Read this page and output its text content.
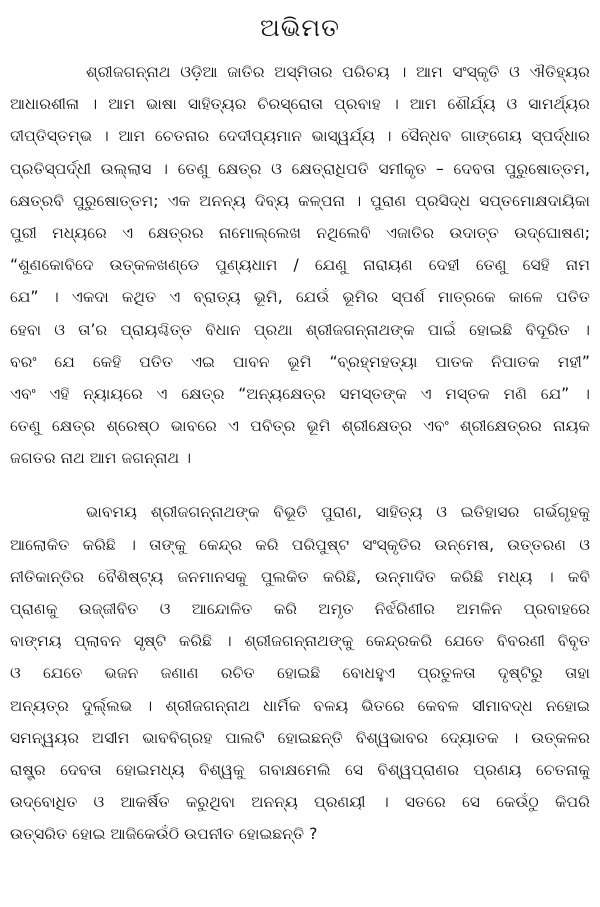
ଅଭିମତ
ଶ୍ରୀଜଗନ୍ନାଥ ଓଡ଼ିଆ ଜାତିର ଅସ୍ମିତାର ପରିଚୟ । ଆମ ସଂସ୍କୃତି ଓ ଐତିହ୍ୟର
ଆଧାରଶୀଳା । ଆମ ଭାଷା ସାହିତ୍ୟର ଚିରସ୍ରୋତା ପ୍ରବାହ । ଆମ ଶୌର୍ଯ୍ୟ ଓ ସାମର୍ଥ୍ୟର
ଦୀପ୍ତିସ୍ତମ୍ଭ । ଆମ ଚେତନାର ଦେଦୀପ୍ୟମାନ ଭାସ୍ୱର୍ଯ୍ୟ । ସୈନ୍ଧବ ଗାଙ୍ଗେୟ ସ୍ପର୍ଦ୍ଧାର
ପ୍ରତିସ୍ପର୍ଦ୍ଧୀ ଉଲ୍ଲାସ । ତେଣୁ କ୍ଷେତ୍ର ଓ କ୍ଷେତ୍ରାଧିପତି ସମୀକୃତ – ଦେବତା ପୁରୁଷୋତ୍ତମ,
କ୍ଷେତ୍ରବି ପୁରୁଷୋତ୍ତମ; ଏକ ଅନନ୍ୟ ଦିବ୍ୟ କଳ୍ପନା । ପୁରାଣ ପ୍ରସିଦ୍ଧ ସପ୍ତମୋକ୍ଷଦାୟିକା
ପୁରୀ ମଧ୍ୟରେ ଏ କ୍ଷେତ୍ରର ନାମୋଲ୍ଲେଖ ନଥିଲେବି ଏଜାତିର ଉଦାତ୍ତ ଉଦ୍‌ଘୋଷଣ;
“ଶୁଣକୋବିଦେ ଉତ୍‌କଳଖଣ୍ଡେ ପୁଣ୍ୟଧାମ / ଯେଣୁ ନାରାୟଣ ଦେହୀ ତେଣୁ ସେହି ନାମ
ଯେ” । ଏକଦା କଥିତ ଏ ବ୍ରାତ୍ୟ ଭୂମି, ଯେଉଁ ଭୂମିର ସ୍ପର୍ଶ ମାତ୍ରକେ କାଳେ ପତିତ
ହେବା ଓ ତା’ର ପ୍ରାୟଶ୍ଚିତ୍ତ ବିଧାନ ପ୍ରଥା ଶ୍ରୀଜଗନ୍ନାଥଙ୍କ ପାଇଁ ହୋଇଛି ବିଦୂରିତ ।
ବରଂ ଯେ କେହି ପତିତ ଏଇ ପାବନ ଭୂମି “ବ୍ରହ୍ମହତ୍ୟା ପାତକ ନିପାତକ ମହୀ”
ଏବଂ ଏହି ନ୍ୟାୟରେ ଏ କ୍ଷେତ୍ର “ଅନ୍ୟକ୍ଷେତ୍ର ସମସ୍ତଙ୍କ ଏ ମସ୍ତକ ମଣି ଯେ” ।
ତେଣୁ କ୍ଷେତ୍ର ଶ୍ରେଷ୍ଠ ଭାବରେ ଏ ପବିତ୍ର ଭୂମି ଶ୍ରୀକ୍ଷେତ୍ର ଏବଂ ଶ୍ରୀକ୍ଷେତ୍ରର ନାୟକ
ଜଗତର ନାଥ ଆମ ଜଗନ୍ନାଥ ।
ଭାବମୟ ଶ୍ରୀଜଗନ୍ନାଥଙ୍କ ବିଭୂତି ପୁରାଣ, ସାହିତ୍ୟ ଓ ଇତିହାସର ଗର୍ଭଗୃହକୁ
ଆଲୋକିତ କରିଛି । ତାଙ୍କୁ କେନ୍ଦ୍ର କରି ପରିପୁଷ୍ଟ ସଂସ୍କୃତିର ଉନ୍ମେଷ, ଉତ୍ତରଣ ଓ
ନୀତିକାନ୍ତିର ବୈଶିଷ୍ଟ୍ୟ ଜନମାନସକୁ ପୁଲକିତ କରିଛି, ଉନ୍ମାଦିତ କରିଛି ମଧ୍ୟ । କବି
ପ୍ରାଣକୁ ଉଜ୍ଜୀବିତ ଓ ଆନ୍ଦୋଳିତ କରି ଅମୃତ ନିର୍ଝରିଣୀର ଅମଳିନ ପ୍ରବାହରେ
ବାଙ୍ମୟ ପ୍ଲାବନ ସୃଷ୍ଟି କରିଛି । ଶ୍ରୀଜଗନ୍ନାଥଙ୍କୁ କେନ୍ଦ୍ରକରି ଯେତେ ବିବରଣୀ ବିବୃତ
ଓ ଯେତେ ଭଜନ ଜଣାଣ ରଚିତ ହୋଇଛି ବୋଧହୁଏ ପ୍ରତୁଳତା ଦୃଷ୍ଟିରୁ ତାହା
ଅନ୍ୟତ୍ର ଦୁର୍ଲ୍ଲଭ । ଶ୍ରୀଜଗନ୍ନାଥ ଧାର୍ମିକ ବଳୟ ଭିତରେ କେବଳ ସୀମାବଦ୍ଧ ନହୋଇ
ସମନ୍ୱୟର ଅସୀମ ଭାବବିଗ୍ରହ ପାଲଟି ହୋଇଛନ୍ତି ବିଶ୍ୱଭାବର ଦ୍ୟୋତକ । ଉତ୍କଳର
ରାଷ୍ଟ୍ର ଦେବତା ହୋଇମଧ୍ୟ ବିଶ୍ୱକୁ ଗବାକ୍ଷମେଲି ସେ ବିଶ୍ୱପ୍ରାଣର ପ୍ରଣୟ ଚେତନାକୁ
ଉଦ୍‌ବୋଧିତ ଓ ଆକର୍ଷିତ କରୁଥିବା ଅନନ୍ୟ ପ୍ରଣୟୀ । ସତରେ ସେ କେଉଁଠୁ କିପରି
ଉତ୍ସରିତ ହୋଇ ଆଜିକେଉଁଠି ଉପନୀତ ହୋଇଛନ୍ତି ?
